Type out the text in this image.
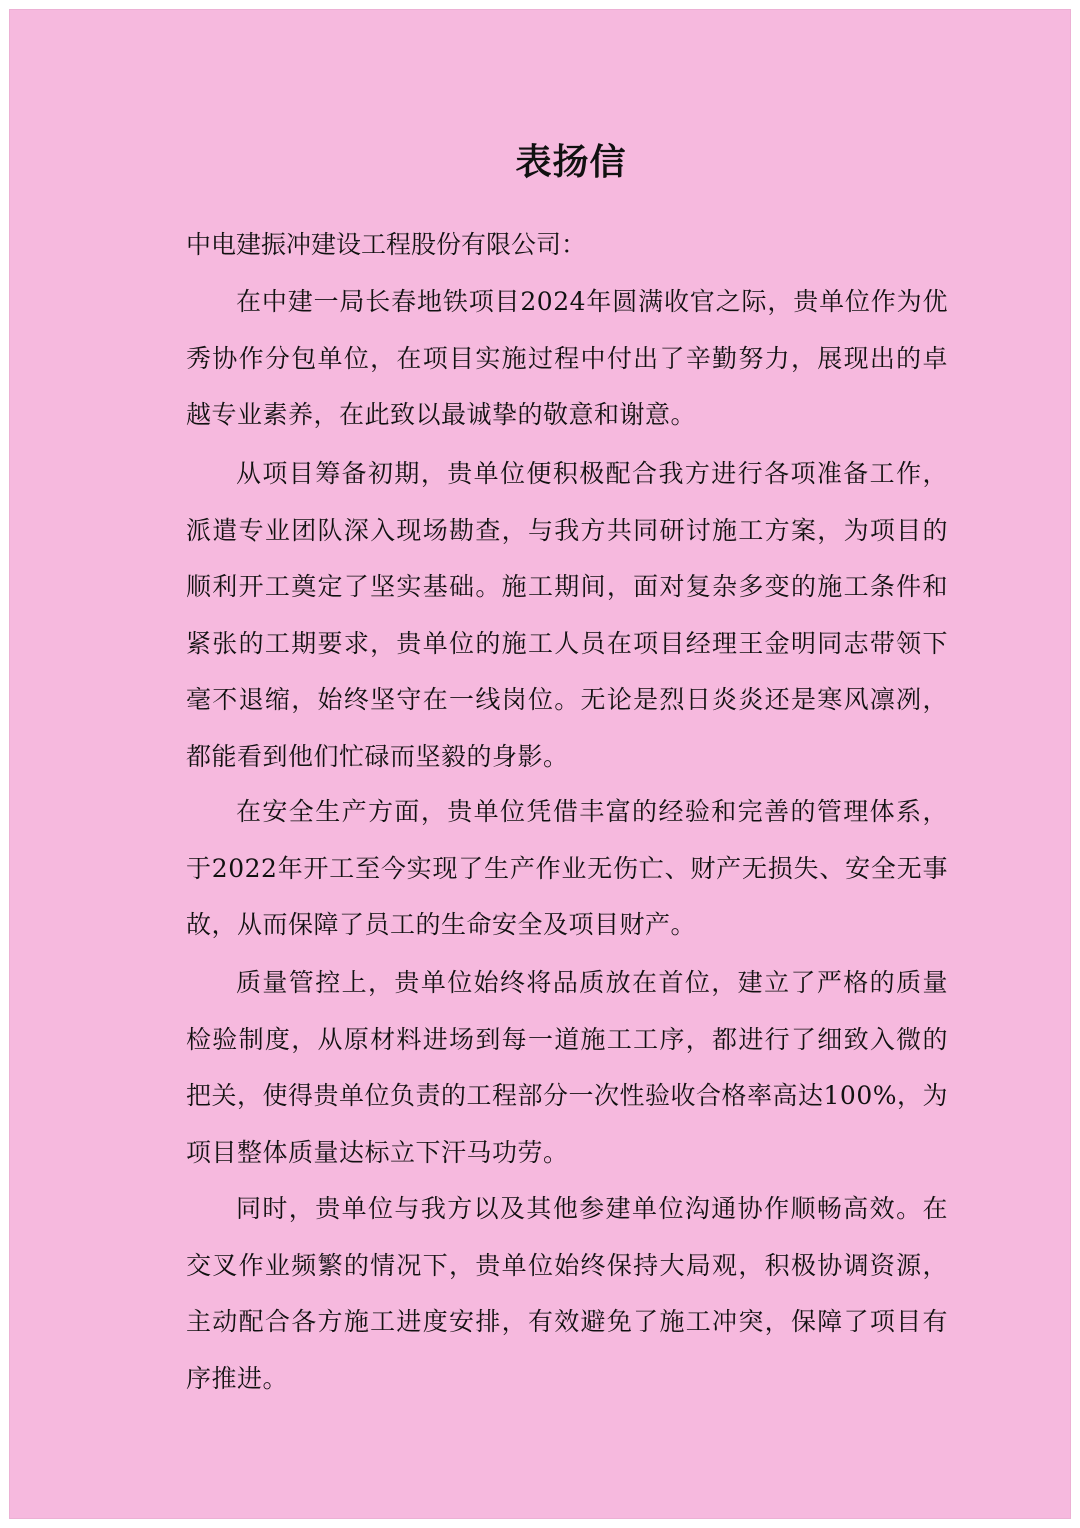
表扬信
中电建振冲建设工程股份有限公司：
在中建一局长春地铁项目2024年圆满收官之际，贵单位作为优秀协作分包单位，在项目实施过程中付出了辛勤努力，展现出的卓越专业素养，在此致以最诚挚的敬意和谢意。
从项目筹备初期，贵单位便积极配合我方进行各项准备工作，派遣专业团队深入现场勘查，与我方共同研讨施工方案，为项目的顺利开工奠定了坚实基础。施工期间，面对复杂多变的施工条件和紧张的工期要求，贵单位的施工人员在项目经理王金明同志带领下毫不退缩，始终坚守在一线岗位。无论是烈日炎炎还是寒风凛冽，都能看到他们忙碌而坚毅的身影。
在安全生产方面，贵单位凭借丰富的经验和完善的管理体系，于2022年开工至今实现了生产作业无伤亡、财产无损失、安全无事故，从而保障了员工的生命安全及项目财产。
质量管控上，贵单位始终将品质放在首位，建立了严格的质量检验制度，从原材料进场到每一道施工工序，都进行了细致入微的把关，使得贵单位负责的工程部分一次性验收合格率高达100%，为项目整体质量达标立下汗马功劳。
同时，贵单位与我方以及其他参建单位沟通协作顺畅高效。在交叉作业频繁的情况下，贵单位始终保持大局观，积极协调资源，主动配合各方施工进度安排，有效避免了施工冲突，保障了项目有序推进。
